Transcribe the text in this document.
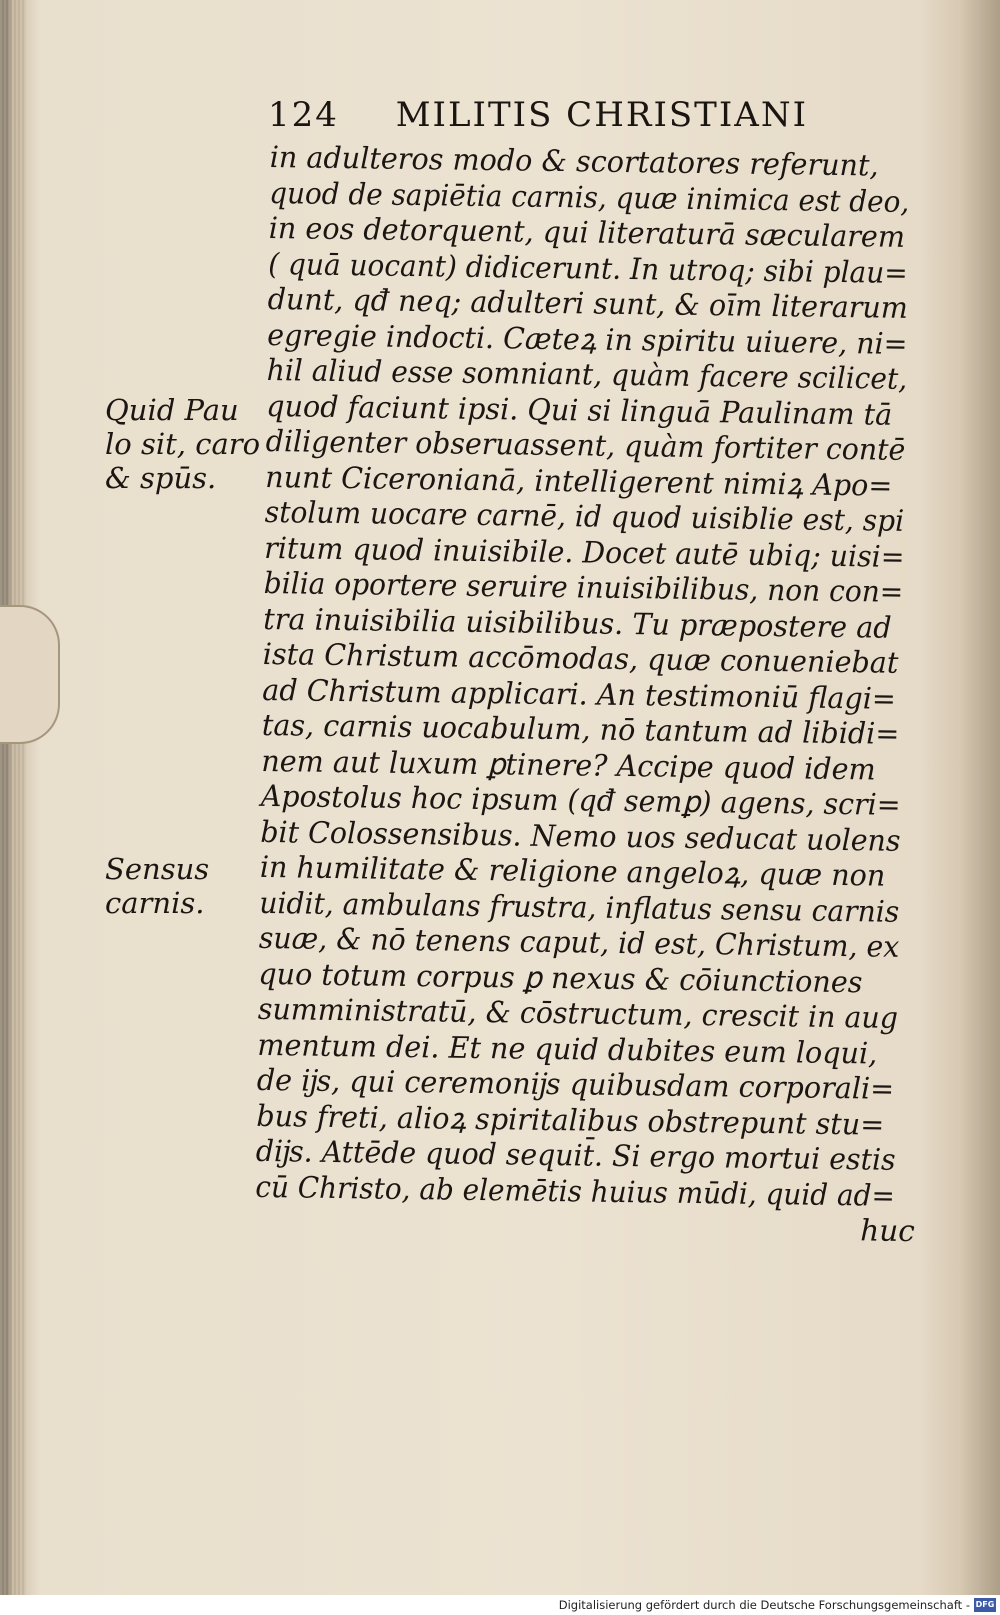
124 MILITIS CHRISTIANI
Quid Pau
lo sit, caro
& spūs.
Sensus
carnis.
in adulteros modo & scortatores referunt,
quod de sapiētia carnis, quæ inimica est deo,
in eos detorquent, qui literaturā sæcularem
( quā uocant) didicerunt. In utroq; sibi plau=
dunt, qđ neq; adulteri sunt, & oīm literarum
egregie indocti. Cæteꝝ in spiritu uiuere, ni=
hil aliud esse somniant, quàm facere scilicet,
quod faciunt ipsi. Qui si linguā Paulinam tā
diligenter obseruassent, quàm fortiter contē
nunt Ciceronianā, intelligerent nimiꝝ Apo=
stolum uocare carnē, id quod uisiblie est, spi
ritum quod inuisibile. Docet autē ubiq; uisi=
bilia oportere seruire inuisibilibus, non con=
tra inuisibilia uisibilibus. Tu præpostere ad
ista Christum accōmodas, quæ conueniebat
ad Christum applicari. An testimoniū flagi=
tas, carnis uocabulum, nō tantum ad libidi=
nem aut luxum ꝑtinere? Accipe quod idem
Apostolus hoc ipsum (qđ semꝑ) agens, scri=
bit Colossensibus. Nemo uos seducat uolens
in humilitate & religione angeloꝝ, quæ non
uidit, ambulans frustra, inflatus sensu carnis
suæ, & nō tenens caput, id est, Christum, ex
quo totum corpus ꝑ nexus & cōiunctiones
sumministratū, & cōstructum, crescit in aug
mentum dei. Et ne quid dubites eum loqui,
de ĳs, qui ceremonĳs quibusdam corporali=
bus freti, alioꝝ spiritalibus obstrepunt stu=
dĳs. Attēde quod sequit̄. Si ergo mortui estis
cū Christo, ab elemētis huius mūdi, quid ad=
huc
Digitalisierung gefördert durch die Deutsche Forschungsgemeinschaft - DFG
